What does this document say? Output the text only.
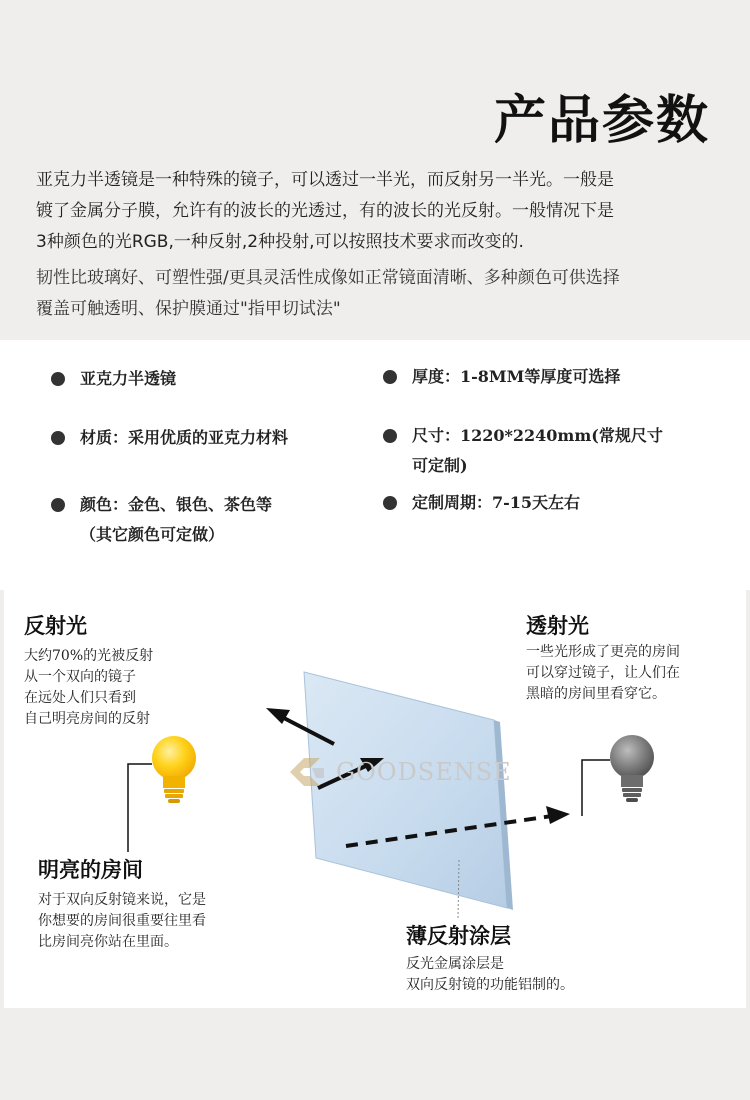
产品参数
亚克力半透镜是一种特殊的镜子，可以透过一半光，而反射另一半光。一般是
镀了金属分子膜，允许有的波长的光透过，有的波长的光反射。一般情况下是
3种颜色的光RGB,一种反射,2种投射,可以按照技术要求而改变的.
韧性比玻璃好、可塑性强/更具灵活性成像如正常镜面清晰、多种颜色可供选择
覆盖可触透明、保护膜通过"指甲切试法"
亚克力半透镜
材质：采用优质的亚克力材料
颜色：金色、银色、茶色等
（其它颜色可定做）
厚度：1-8MM等厚度可选择
尺寸：1220*2240mm(常规尺寸
可定制)
定制周期：7-15天左右
GOODSENSE
反射光
大约70%的光被反射
从一个双向的镜子
在远处人们只看到
自己明亮房间的反射
透射光
一些光形成了更亮的房间
可以穿过镜子，让人们在
黑暗的房间里看穿它。
明亮的房间
对于双向反射镜来说，它是
你想要的房间很重要往里看
比房间亮你站在里面。	薄反射涂层
反光金属涂层是
双向反射镜的功能铝制的。
